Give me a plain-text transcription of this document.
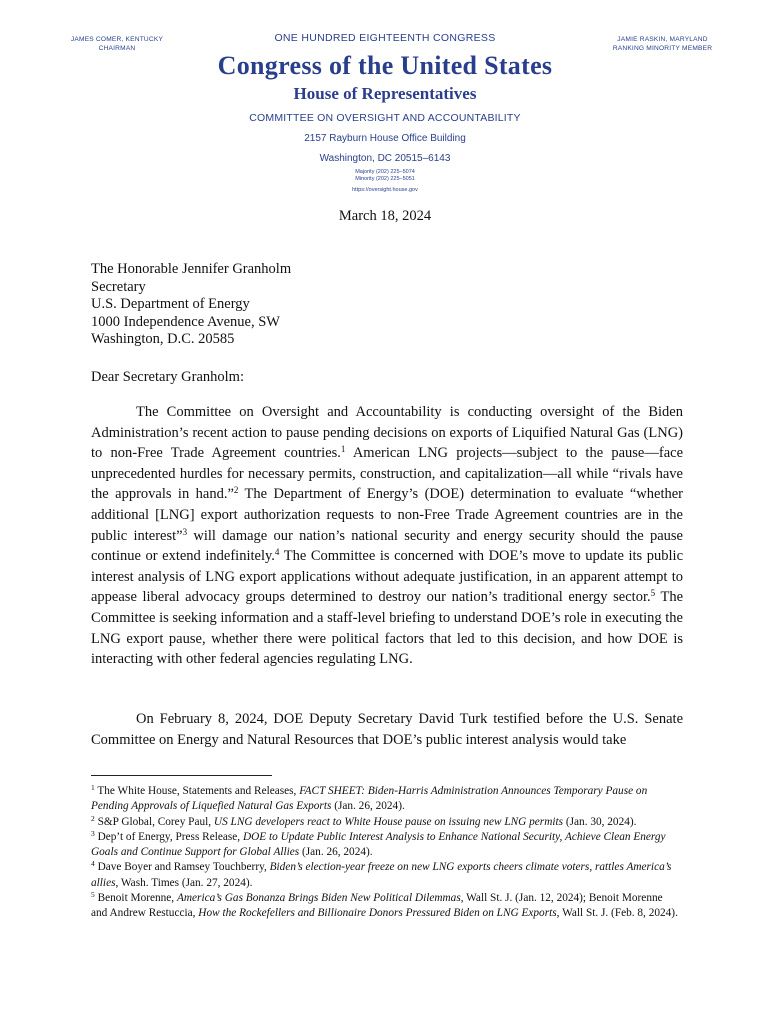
JAMES COMER, KENTUCKY
CHAIRMAN
ONE HUNDRED EIGHTEENTH CONGRESS
Congress of the United States
House of Representatives
COMMITTEE ON OVERSIGHT AND ACCOUNTABILITY
2157 Rayburn House Office Building
Washington, DC 20515–6143
Majority (202) 225–5074
Minority (202) 225–5051
https://oversight.house.gov
JAMIE RASKIN, MARYLAND
RANKING MINORITY MEMBER
March 18, 2024
The Honorable Jennifer Granholm
Secretary
U.S. Department of Energy
1000 Independence Avenue, SW
Washington, D.C. 20585
Dear Secretary Granholm:

The Committee on Oversight and Accountability is conducting oversight of the Biden Administration’s recent action to pause pending decisions on exports of Liquified Natural Gas (LNG) to non-Free Trade Agreement countries.$^1$ American LNG projects—subject to the pause—face unprecedented hurdles for necessary permits, construction, and capitalization—all while “rivals have the approvals in hand.”$^2$ The Department of Energy’s (DOE) determination to evaluate “whether additional [LNG] export authorization requests to non-Free Trade Agreement countries are in the public interest”$^3$ will damage our nation’s national security and energy security should the pause continue or extend indefinitely.$^4$ The Committee is concerned with DOE’s move to update its public interest analysis of LNG export applications without adequate justification, in an apparent attempt to appease liberal advocacy groups determined to destroy our nation’s traditional energy sector.$^5$ The Committee is seeking information and a staff-level briefing to understand DOE’s role in executing the LNG export pause, whether there were political factors that led to this decision, and how DOE is interacting with other federal agencies regulating LNG.

On February 8, 2024, DOE Deputy Secretary David Turk testified before the U.S. Senate Committee on Energy and Natural Resources that DOE’s public interest analysis would take

$^1$ The White House, Statements and Releases, FACT SHEET: Biden-Harris Administration Announces Temporary Pause on Pending Approvals of Liquefied Natural Gas Exports (Jan. 26, 2024).

$^2$ S&P Global, Corey Paul, US LNG developers react to White House pause on issuing new LNG permits (Jan. 30, 2024).

$^3$ Dep’t of Energy, Press Release, DOE to Update Public Interest Analysis to Enhance National Security, Achieve Clean Energy Goals and Continue Support for Global Allies (Jan. 26, 2024).

$^4$ Dave Boyer and Ramsey Touchberry, Biden’s election-year freeze on new LNG exports cheers climate voters, rattles America’s allies, Wash. Times (Jan. 27, 2024).

$^5$ Benoit Morenne, America’s Gas Bonanza Brings Biden New Political Dilemmas, Wall St. J. (Jan. 12, 2024); Benoit Morenne and Andrew Restuccia, How the Rockefellers and Billionaire Donors Pressured Biden on LNG Exports, Wall St. J. (Feb. 8, 2024).
